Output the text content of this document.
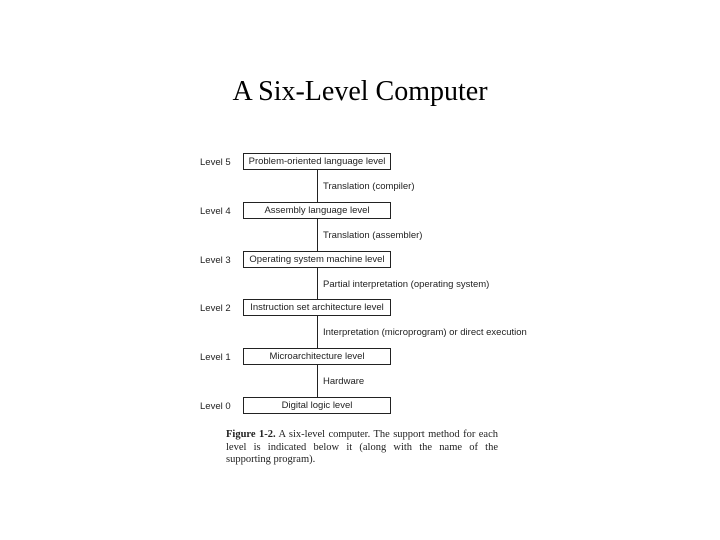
A Six-Level Computer
Level 5	Problem-oriented language level
Translation (compiler)
Level 4	Assembly language level
Translation (assembler)
Level 3	Operating system machine level
Partial interpretation (operating system)
Level 2	Instruction set architecture level
Interpretation (microprogram) or direct execution
Level 1	Microarchitecture level
Hardware
Level 0	Digital logic level
Figure 1-2. A six-level computer. The support method for each level is indicated below it (along with the name of the supporting program).
